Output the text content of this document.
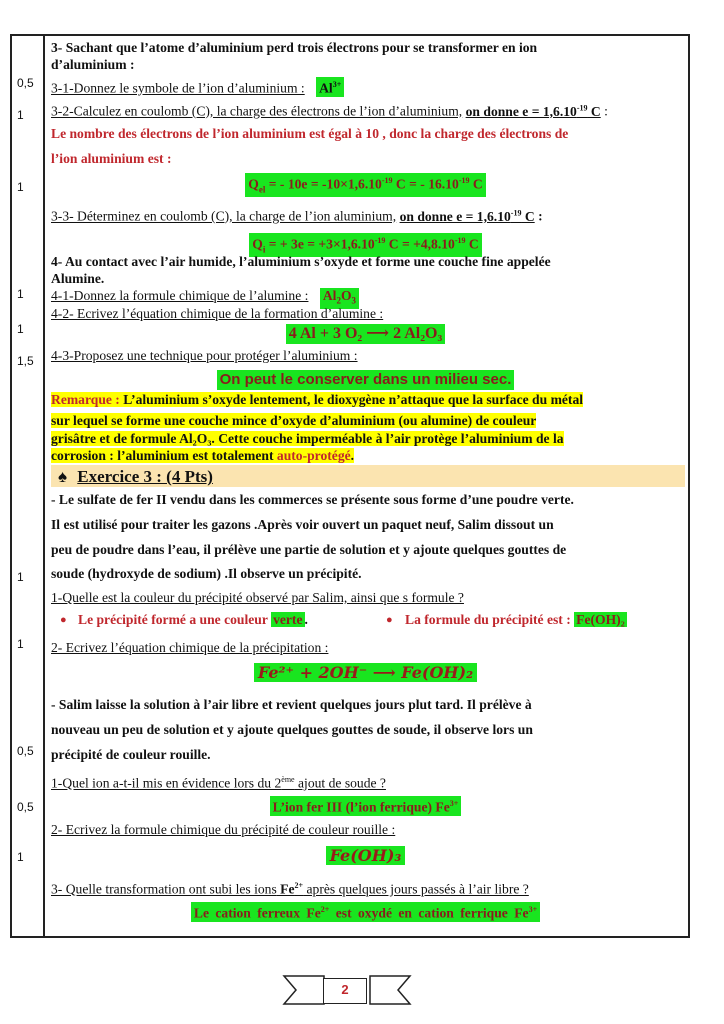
0,5
1
1
1
1
1,5
1
1
0,5
0,5
1
3- Sachant que l’atome d’aluminium perd trois électrons pour se transformer en ion
d’aluminium :
3-1-Donnez le symbole de l’ion d’aluminium : $Al^{3+}$
3-2-Calculez en coulomb (C), la charge des électrons de l’ion d’aluminium, on donne $e = 1,6.10^{-19}$ C :
Le nombre des électrons de l’ion aluminium est égal à 10 , donc la charge des électrons de
l’ion aluminium est :
$Q_{el}$ = - $10e = -10\times 1,6.10^{-19}$ C = - $16.10^{-19}$ C
3-3- Déterminez en coulomb (C), la charge de l’ion aluminium, on donne $e = 1,6.10^{-19}$ C :
$Q_i$ = + $3e = +3\times 1,6.10^{-19}$ $C = +4,8.10^{-19}$ C
4- Au contact avec l’air humide, l’aluminium s’oxyde et forme une couche fine appelée
Alumine.
4-1-Donnez la formule chimique de l’alumine : $Al_2O_3$
4-2- Ecrivez l’équation chimique de la formation d’alumine :
4 Al + 3 O₂ ⟶ 2 Al₂O₃
4-3-Proposez une technique pour protéger l’aluminium :
On peut le conserver dans un milieu sec.
Remarque : L’aluminium s’oxyde lentement, le dioxygène n’attaque que la surface du métal
sur lequel se forme une couche mince d’oxyde d’aluminium (ou alumine) de couleur
grisâtre et de formule Al₂O₃. Cette couche imperméable à l’air protège l’aluminium de la
corrosion : l’aluminium est totalement auto-protégé.
♠ Exercice 3 : (4 Pts)
- Le sulfate de fer II vendu dans les commerces se présente sous forme d’une poudre verte.
Il est utilisé pour traiter les gazons .Après voir ouvert un paquet neuf, Salim dissout un
peu de poudre dans l’eau, il prélève une partie de solution et y ajoute quelques gouttes de
soude (hydroxyde de sodium) .Il observe un précipité.
1-Quelle est la couleur du précipité observé par Salim, ainsi que s formule ?
● Le précipité formé a une couleur verte .	● La formule du précipité est : Fe(OH)₂
2- Ecrivez l’équation chimique de la précipitation :
Fe²⁺ + 2OH⁻ ⟶ Fe(OH)₂
- Salim laisse la solution à l’air libre et revient quelques jours plut tard. Il prélève à
nouveau un peu de solution et y ajoute quelques gouttes de soude, il observe lors un
précipité de couleur rouille.
1-Quel ion a-t-il mis en évidence lors du 2ème ajout de soude ?
L’ion fer III (l’ion ferrique) $Fe^{3+}$
2- Ecrivez la formule chimique du précipité de couleur rouille :
Fe(OH)₃
3- Quelle transformation ont subi les ions $Fe^{2+}$ après quelques jours passés à l’air libre ?
Le cation ferreux $Fe^{2+}$ est oxydé en cation ferrique $Fe^{3+}$
2
